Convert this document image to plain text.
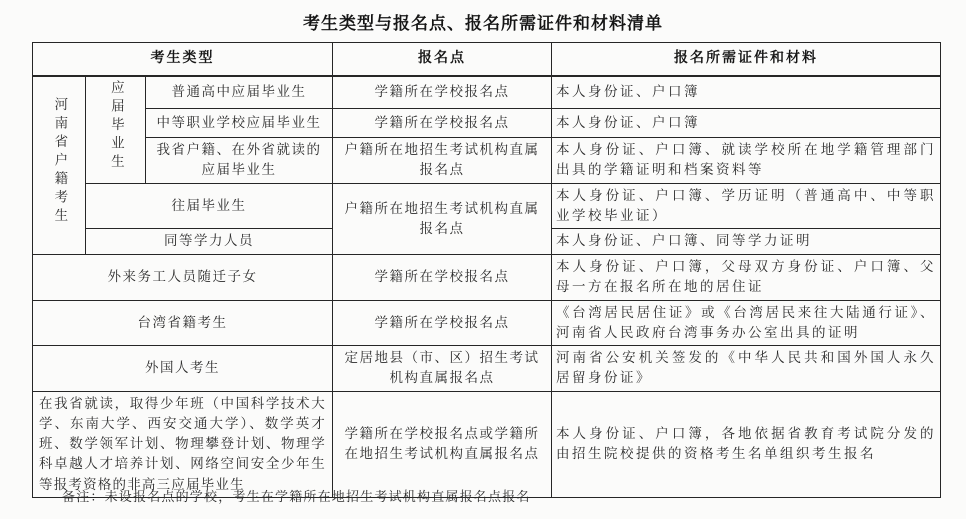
考生类型与报名点、报名所需证件和材料清单
考生类型			报名点	报名所需证件和材料
河南省户籍考生	应届毕业生	普通高中应届毕业生	学籍所在学校报名点	本人身份证、户口簿
		中等职业学校应届毕业生	学籍所在学校报名点	本人身份证、户口簿
		我省户籍、在外省就读的应届毕业生	户籍所在地招生考试机构直属报名点	本人身份证、户口簿、就读学校所在地学籍管理部门出具的学籍证明和档案资料等
	往届毕业生		户籍所在地招生考试机构直属报名点	本人身份证、户口簿、学历证明（普通高中、中等职业学校毕业证）
	同等学力人员			本人身份证、户口簿、同等学力证明
外来务工人员随迁子女			学籍所在学校报名点	本人身份证、户口簿，父母双方身份证、户口簿、父母一方在报名所在地的居住证
台湾省籍考生			学籍所在学校报名点	《台湾居民居住证》或《台湾居民来往大陆通行证》、河南省人民政府台湾事务办公室出具的证明
外国人考生			定居地县（市、区）招生考试机构直属报名点	河南省公安机关签发的《中华人民共和国外国人永久居留身份证》
在我省就读，取得少年班（中国科学技术大学、东南大学、西安交通大学）、数学英才班、数学领军计划、物理攀登计划、物理学科卓越人才培养计划、网络空间安全少年生等报考资格的非高三应届毕业生			学籍所在学校报名点或学籍所在地招生考试机构直属报名点	本人身份证、户口簿，各地依据省教育考试院分发的由招生院校提供的资格考生名单组织考生报名
备注：未设报名点的学校，考生在学籍所在地招生考试机构直属报名点报名
